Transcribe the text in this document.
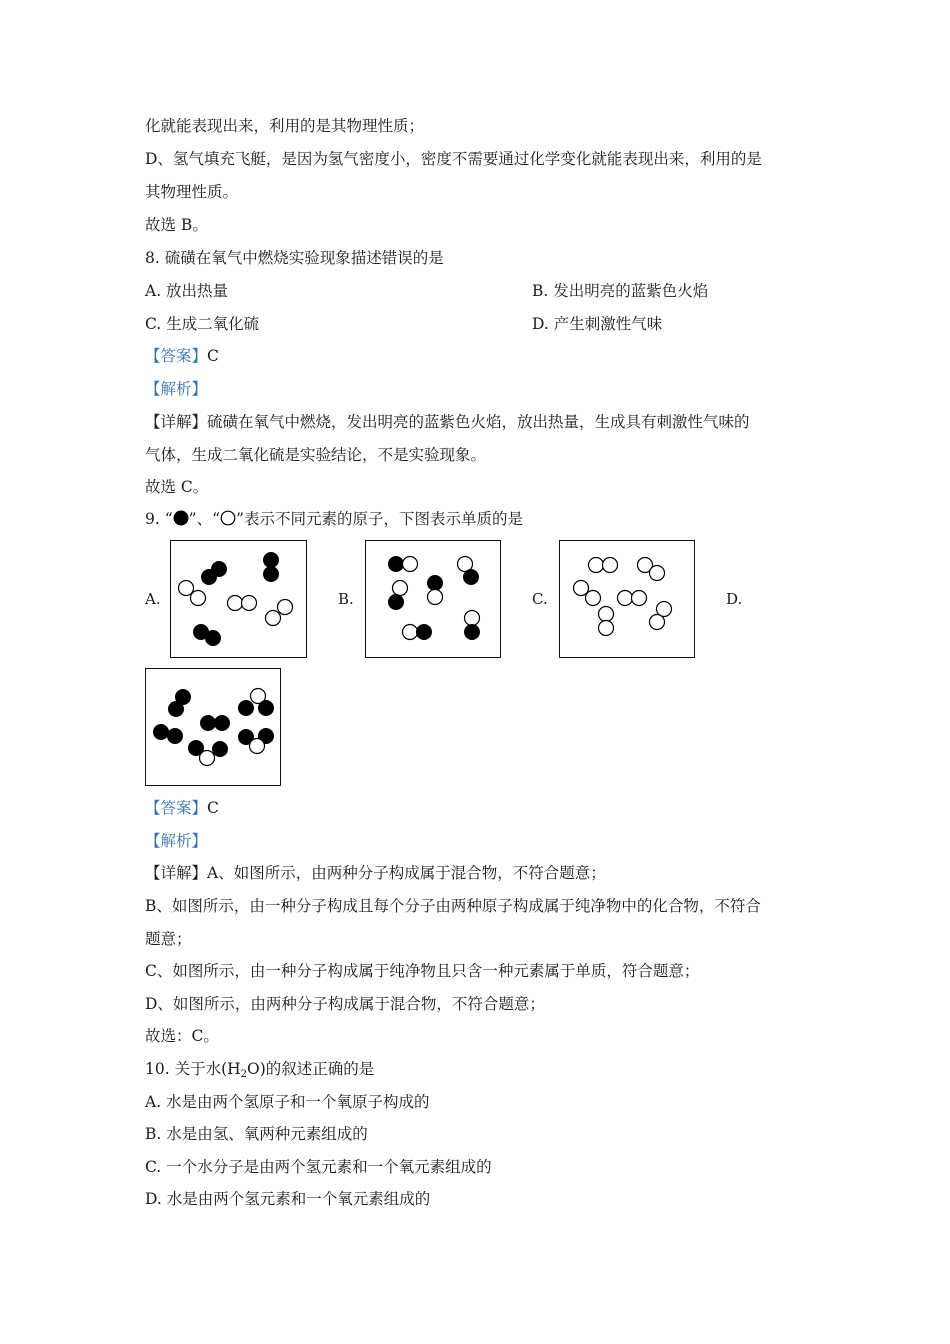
化就能表现出来，利用的是其物理性质；
D、氢气填充飞艇，是因为氢气密度小，密度不需要通过化学变化就能表现出来，利用的是
其物理性质。
故选 B。
8. 硫磺在氧气中燃烧实验现象描述错误的是
A. 放出热量	B. 发出明亮的蓝紫色火焰
C. 生成二氧化硫	D. 产生刺激性气味
【答案】C
【解析】
【详解】硫磺在氧气中燃烧，发出明亮的蓝紫色火焰，放出热量，生成具有刺激性气味的
气体，生成二氧化硫是实验结论，不是实验现象。
故选 C。
9. “ ”、“ ”表示不同元素的原子，下图表示单质的是
A.	B.	C.	D.
【答案】C
【解析】
【详解】A、如图所示，由两种分子构成属于混合物，不符合题意；
B、如图所示，由一种分子构成且每个分子由两种原子构成属于纯净物中的化合物，不符合
题意；
C、如图所示，由一种分子构成属于纯净物且只含一种元素属于单质，符合题意；
D、如图所示，由两种分子构成属于混合物，不符合题意；
故选：C。
10. 关于水$(H_2O)$的叙述正确的是
A. 水是由两个氢原子和一个氧原子构成的
B. 水是由氢、氧两种元素组成的
C. 一个水分子是由两个氢元素和一个氧元素组成的
D. 水是由两个氢元素和一个氧元素组成的
